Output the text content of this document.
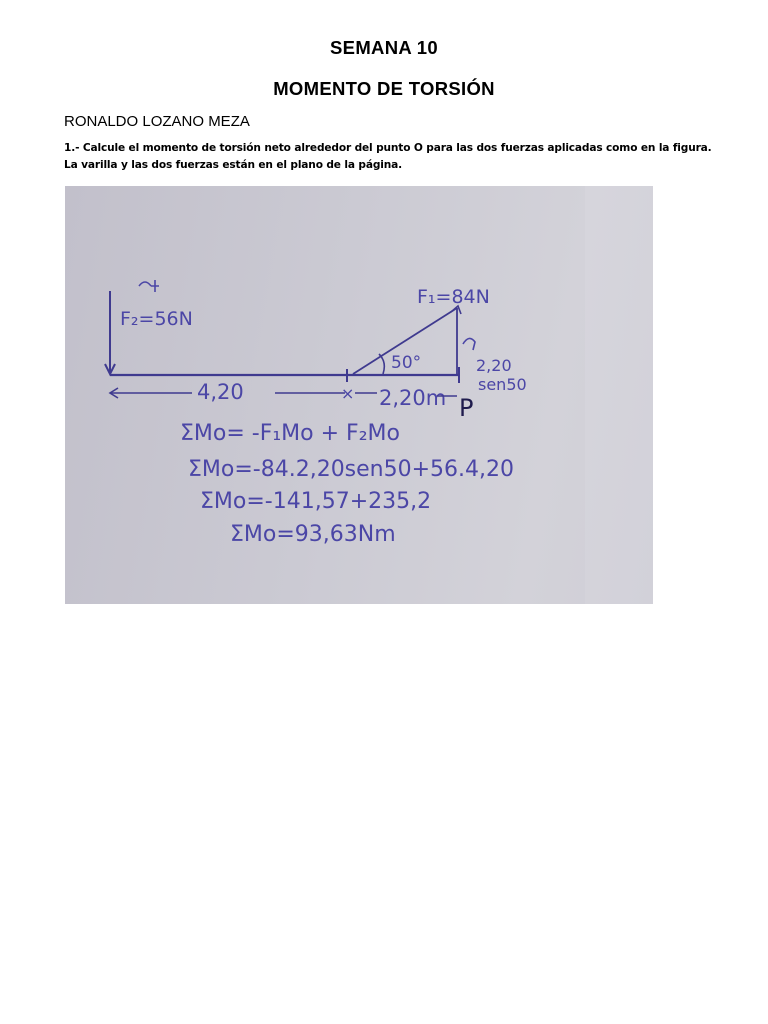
SEMANA 10
MOMENTO DE TORSIÓN
RONALDO LOZANO MEZA
1.- Calcule el momento de torsión neto alrededor del punto O para las dos fuerzas aplicadas como en la figura. La varilla y las dos fuerzas están en el plano de la página.
F₂=56N
50°
F₁=84N
2,20
sen50
4,20	× 2,20m P
ΣMo= -F₁Mo + F₂Mo
ΣMo=-84.2,20sen50+56.4,20
ΣMo=-141,57+235,2
ΣMo=93,63Nm
